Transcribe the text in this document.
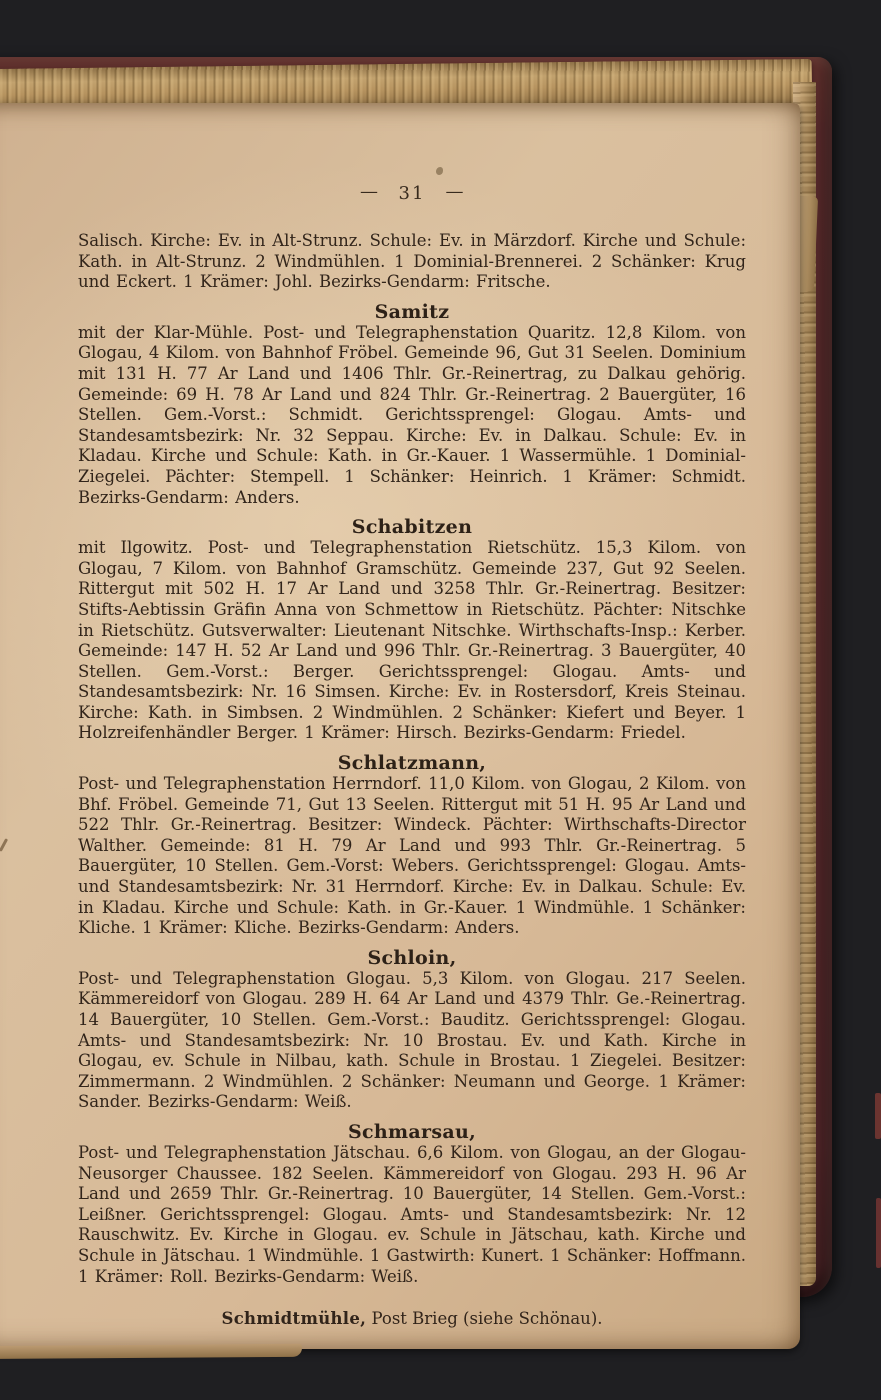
— 31 —

Salisch. Kirche: Ev. in Alt-Strunz. Schule: Ev. in Märzdorf. Kirche und Schule: Kath. in Alt-Strunz. 2 Windmühlen. 1 Dominial-Brennerei. 2 Schänker: Krug und Eckert. 1 Krämer: Johl. Bezirks-Gendarm: Fritsche.

Samitz

mit der Klar-Mühle. Post- und Telegraphenstation Quaritz. 12,8 Kilom. von Glogau, 4 Kilom. von Bahnhof Fröbel. Gemeinde 96, Gut 31 Seelen. Dominium mit 131 H. 77 Ar Land und 1406 Thlr. Gr.-Reinertrag, zu Dalkau gehörig. Gemeinde: 69 H. 78 Ar Land und 824 Thlr. Gr.-Reinertrag. 2 Bauergüter, 16 Stellen. Gem.-Vorst.: Schmidt. Gerichtssprengel: Glogau. Amts- und Standesamtsbezirk: Nr. 32 Seppau. Kirche: Ev. in Dalkau. Schule: Ev. in Kladau. Kirche und Schule: Kath. in Gr.-Kauer. 1 Wassermühle. 1 Dominial-Ziegelei. Pächter: Stempell. 1 Schänker: Heinrich. 1 Krämer: Schmidt. Bezirks-Gendarm: Anders.

Schabitzen

mit Ilgowitz. Post- und Telegraphenstation Rietschütz. 15,3 Kilom. von Glogau, 7 Kilom. von Bahnhof Gramschütz. Gemeinde 237, Gut 92 Seelen. Rittergut mit 502 H. 17 Ar Land und 3258 Thlr. Gr.-Reinertrag. Besitzer: Stifts-Aebtissin Gräfin Anna von Schmettow in Rietschütz. Pächter: Nitschke in Rietschütz. Gutsverwalter: Lieutenant Nitschke. Wirthschafts-Insp.: Kerber. Gemeinde: 147 H. 52 Ar Land und 996 Thlr. Gr.-Reinertrag. 3 Bauergüter, 40 Stellen. Gem.-Vorst.: Berger. Gerichtssprengel: Glogau. Amts- und Standesamtsbezirk: Nr. 16 Simsen. Kirche: Ev. in Rostersdorf, Kreis Steinau. Kirche: Kath. in Simbsen. 2 Windmühlen. 2 Schänker: Kiefert und Beyer. 1 Holzreifenhändler Berger. 1 Krämer: Hirsch. Bezirks-Gendarm: Friedel.

Schlatzmann,

Post- und Telegraphenstation Herrndorf. 11,0 Kilom. von Glogau, 2 Kilom. von Bhf. Fröbel. Gemeinde 71, Gut 13 Seelen. Rittergut mit 51 H. 95 Ar Land und 522 Thlr. Gr.-Reinertrag. Besitzer: Windeck. Pächter: Wirthschafts-Director Walther. Gemeinde: 81 H. 79 Ar Land und 993 Thlr. Gr.-Reinertrag. 5 Bauergüter, 10 Stellen. Gem.-Vorst: Webers. Gerichtssprengel: Glogau. Amts- und Standesamtsbezirk: Nr. 31 Herrndorf. Kirche: Ev. in Dalkau. Schule: Ev. in Kladau. Kirche und Schule: Kath. in Gr.-Kauer. 1 Windmühle. 1 Schänker: Kliche. 1 Krämer: Kliche. Bezirks-Gendarm: Anders.

Schloin,

Post- und Telegraphenstation Glogau. 5,3 Kilom. von Glogau. 217 Seelen. Kämmereidorf von Glogau. 289 H. 64 Ar Land und 4379 Thlr. Ge.-Reinertrag. 14 Bauergüter, 10 Stellen. Gem.-Vorst.: Bauditz. Gerichtssprengel: Glogau. Amts- und Standesamtsbezirk: Nr. 10 Brostau. Ev. und Kath. Kirche in Glogau, ev. Schule in Nilbau, kath. Schule in Brostau. 1 Ziegelei. Besitzer: Zimmermann. 2 Windmühlen. 2 Schänker: Neumann und George. 1 Krämer: Sander. Bezirks-Gendarm: Weiß.

Schmarsau,

Post- und Telegraphenstation Jätschau. 6,6 Kilom. von Glogau, an der Glogau-Neusorger Chaussee. 182 Seelen. Kämmereidorf von Glogau. 293 H. 96 Ar Land und 2659 Thlr. Gr.-Reinertrag. 10 Bauergüter, 14 Stellen. Gem.-Vorst.: Leißner. Gerichtssprengel: Glogau. Amts- und Standesamtsbezirk: Nr. 12 Rauschwitz. Ev. Kirche in Glogau. ev. Schule in Jätschau, kath. Kirche und Schule in Jätschau. 1 Windmühle. 1 Gastwirth: Kunert. 1 Schänker: Hoffmann. 1 Krämer: Roll. Bezirks-Gendarm: Weiß.

Schmidtmühle, Post Brieg (siehe Schönau).
